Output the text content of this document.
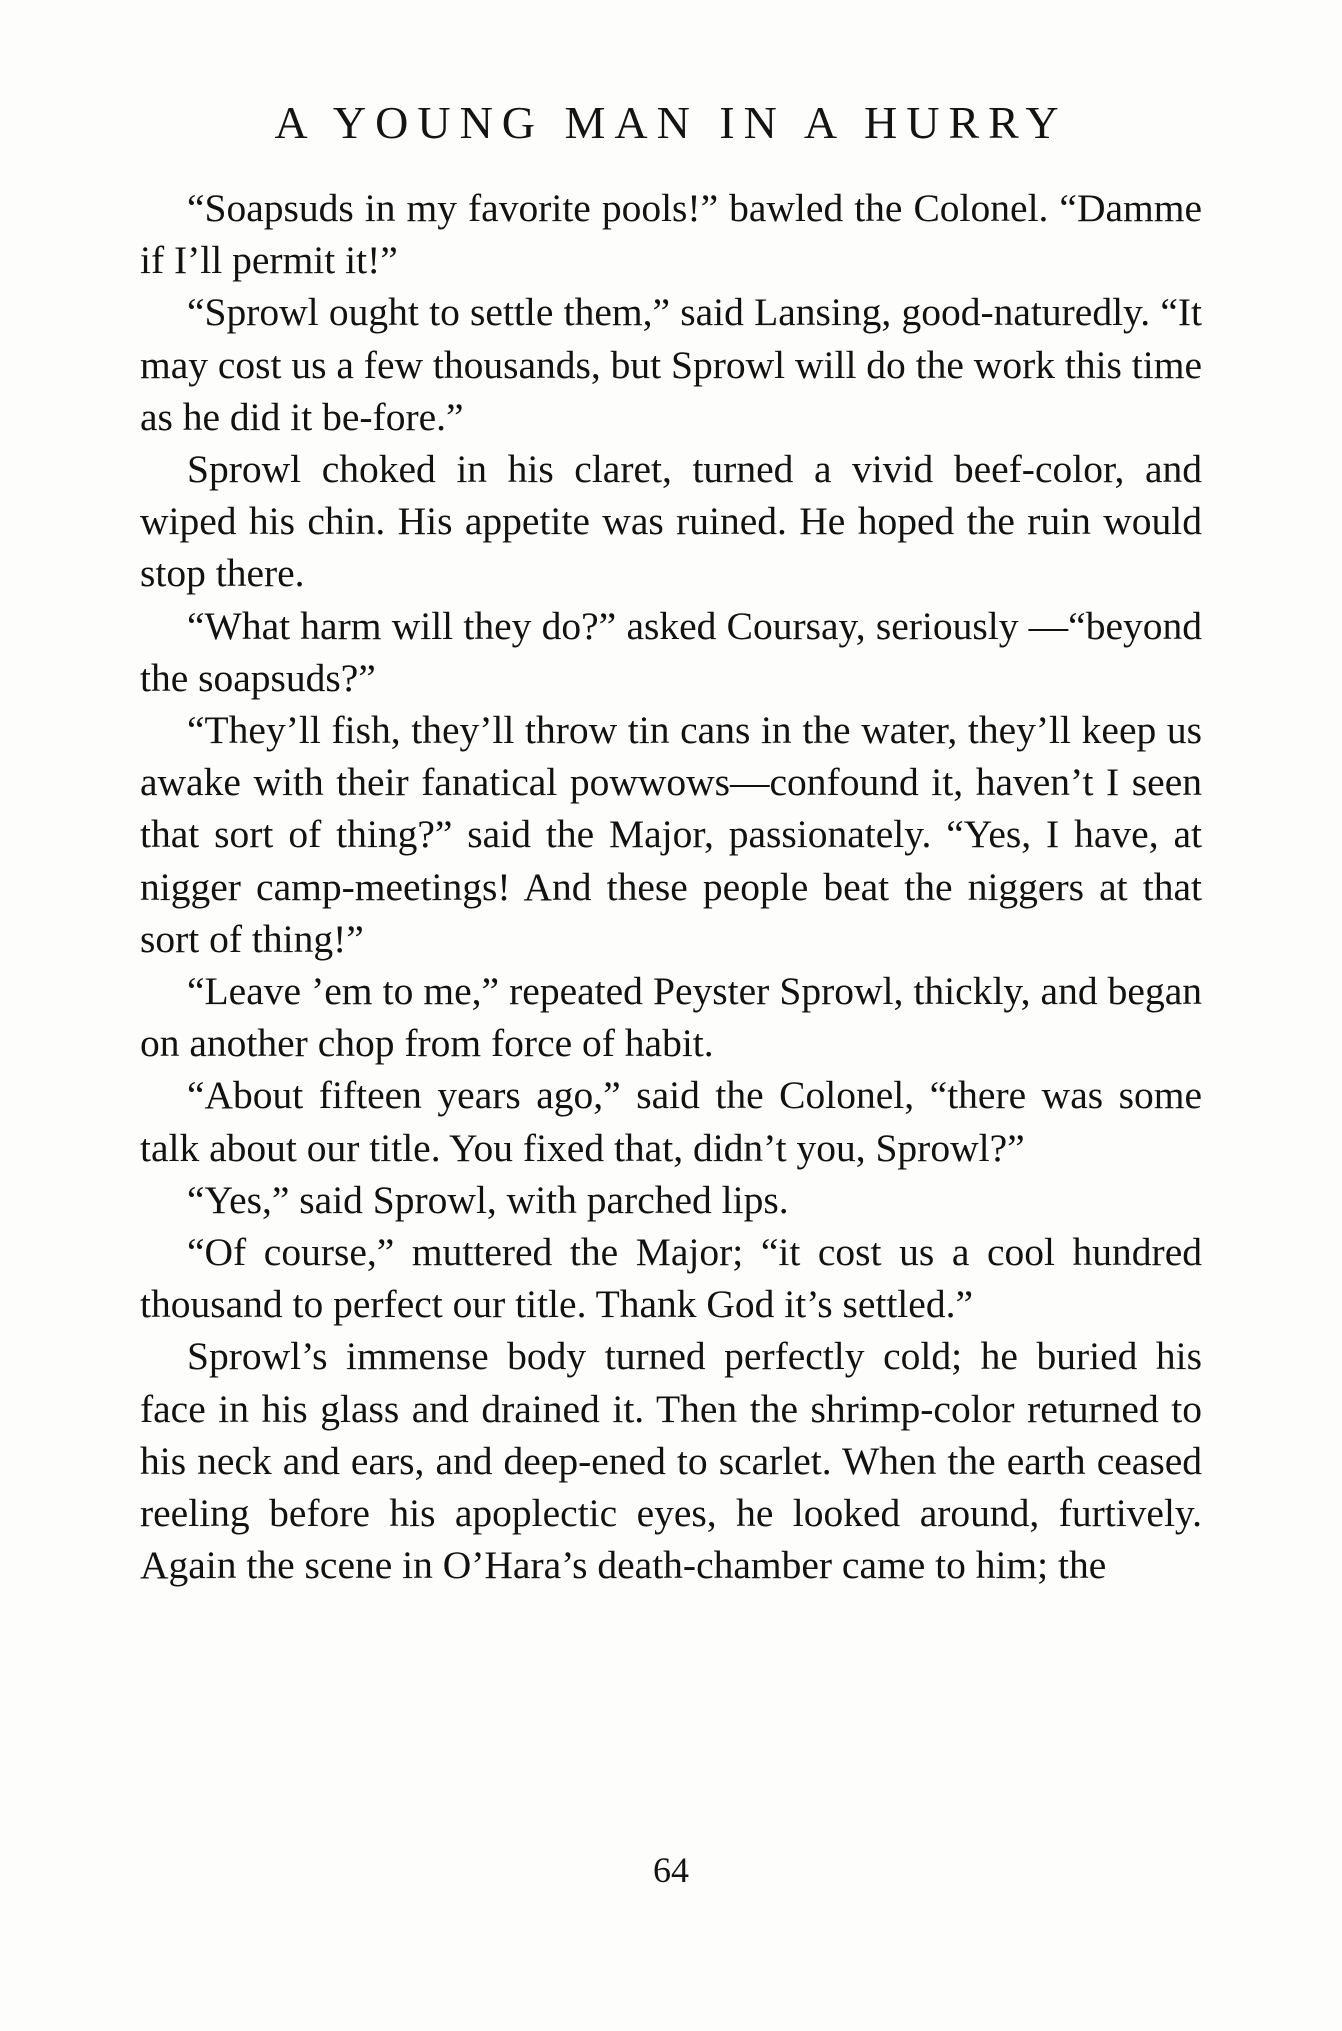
A YOUNG MAN IN A HURRY

“Soapsuds in my favorite pools!” bawled the Colonel. “Damme if I’ll permit it!”

“Sprowl ought to settle them,” said Lansing, good-naturedly. “It may cost us a few thousands, but Sprowl will do the work this time as he did it be-fore.”

Sprowl choked in his claret, turned a vivid beef-color, and wiped his chin. His appetite was ruined. He hoped the ruin would stop there.

“What harm will they do?” asked Coursay, seriously —“beyond the soapsuds?”

“They’ll fish, they’ll throw tin cans in the water, they’ll keep us awake with their fanatical powwows—confound it, haven’t I seen that sort of thing?” said the Major, passionately. “Yes, I have, at nigger camp-meetings! And these people beat the niggers at that sort of thing!”

“Leave ’em to me,” repeated Peyster Sprowl, thickly, and began on another chop from force of habit.

“About fifteen years ago,” said the Colonel, “there was some talk about our title. You fixed that, didn’t you, Sprowl?”

“Yes,” said Sprowl, with parched lips.

“Of course,” muttered the Major; “it cost us a cool hundred thousand to perfect our title. Thank God it’s settled.”

Sprowl’s immense body turned perfectly cold; he buried his face in his glass and drained it. Then the shrimp-color returned to his neck and ears, and deep-ened to scarlet. When the earth ceased reeling before his apoplectic eyes, he looked around, furtively. Again the scene in O’Hara’s death-chamber came to him; the

64
